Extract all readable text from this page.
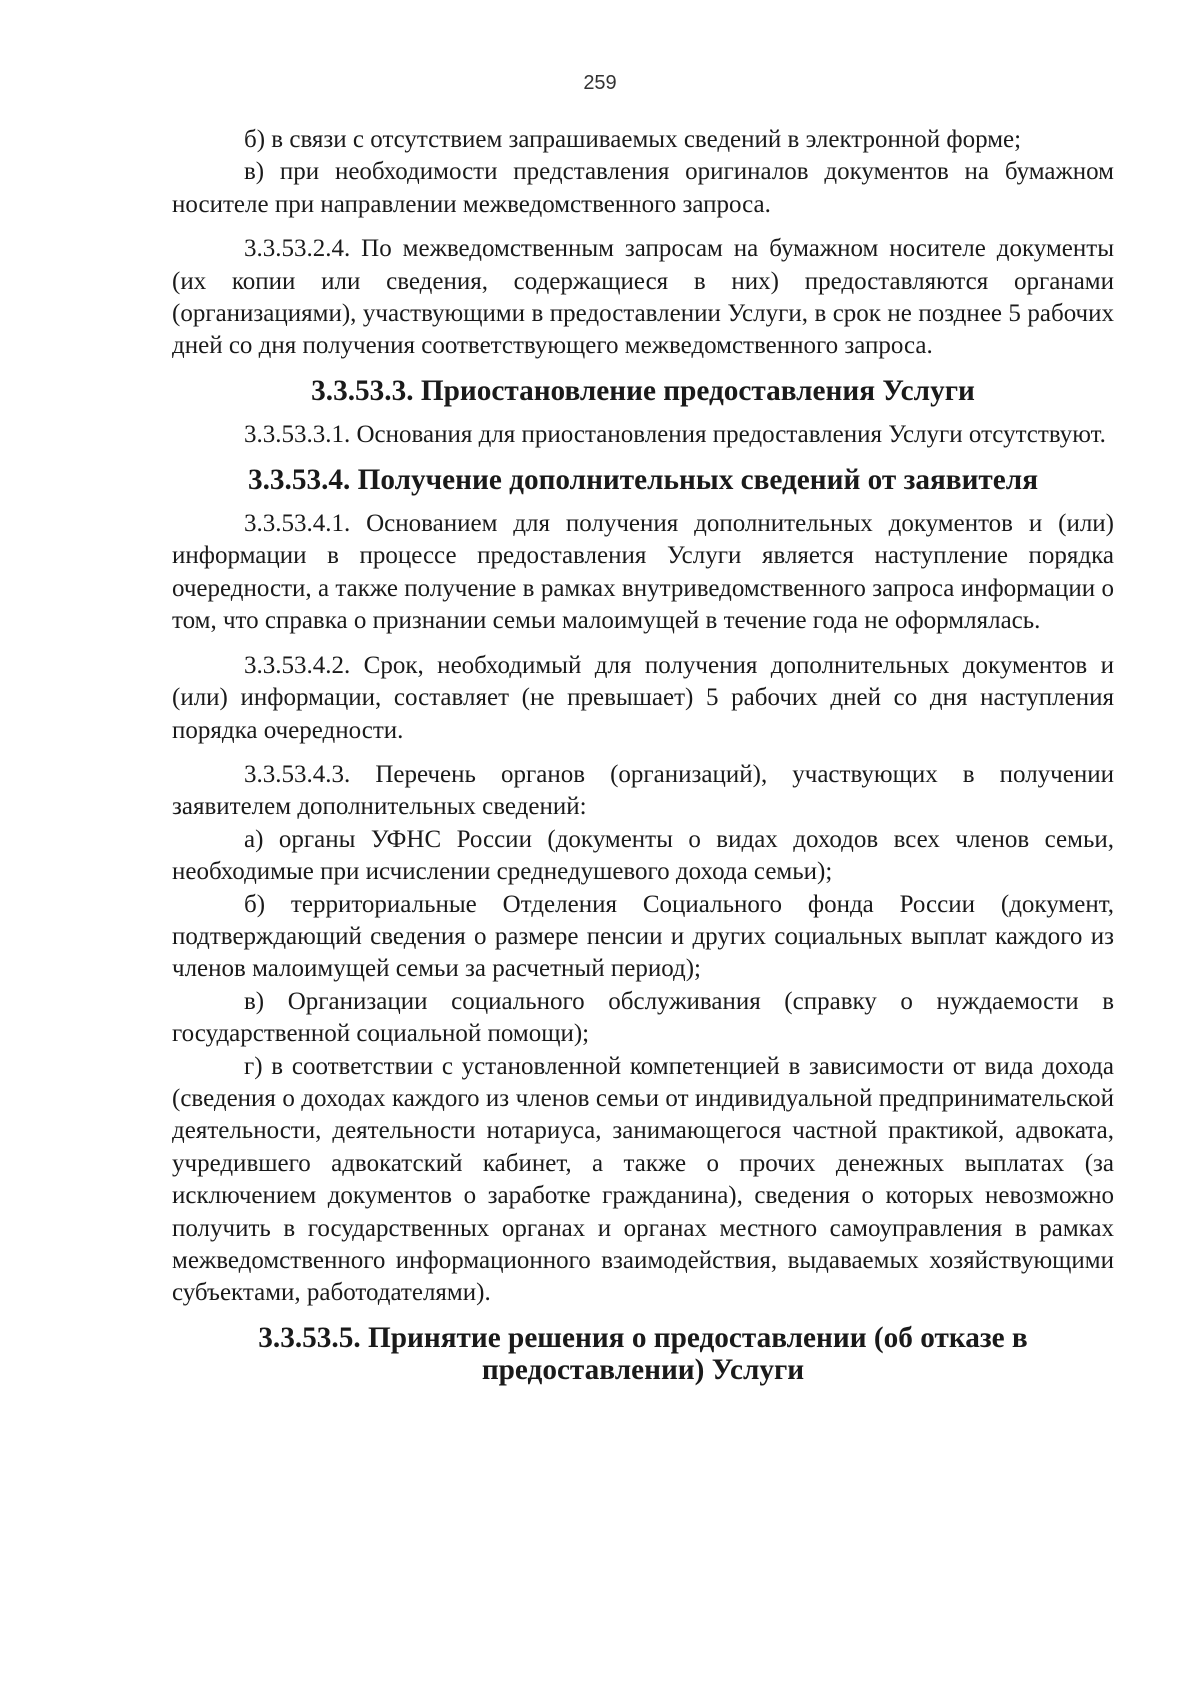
259

б) в связи с отсутствием запрашиваемых сведений в электронной форме;

в) при необходимости представления оригиналов документов на бумажном носителе при направлении межведомственного запроса.

3.3.53.2.4. По межведомственным запросам на бумажном носителе документы (их копии или сведения, содержащиеся в них) предоставляются органами (организациями), участвующими в предоставлении Услуги, в срок не позднее 5 рабочих дней со дня получения соответствующего межведомственного запроса.

3.3.53.3. Приостановление предоставления Услуги

3.3.53.3.1. Основания для приостановления предоставления Услуги отсутствуют.

3.3.53.4. Получение дополнительных сведений от заявителя

3.3.53.4.1. Основанием для получения дополнительных документов и (или) информации в процессе предоставления Услуги является наступление порядка очередности, а также получение в рамках внутриведомственного запроса информации о том, что справка о признании семьи малоимущей в течение года не оформлялась.

3.3.53.4.2. Срок, необходимый для получения дополнительных документов и (или) информации, составляет (не превышает) 5 рабочих дней со дня наступления порядка очередности.

3.3.53.4.3. Перечень органов (организаций), участвующих в получении заявителем дополнительных сведений:

а) органы УФНС России (документы о видах доходов всех членов семьи, необходимые при исчислении среднедушевого дохода семьи);

б) территориальные Отделения Социального фонда России (документ, подтверждающий сведения о размере пенсии и других социальных выплат каждого из членов малоимущей семьи за расчетный период);

в) Организации социального обслуживания (справку о нуждаемости в государственной социальной помощи);

г) в соответствии с установленной компетенцией в зависимости от вида дохода (сведения о доходах каждого из членов семьи от индивидуальной предпринимательской деятельности, деятельности нотариуса, занимающегося частной практикой, адвоката, учредившего адвокатский кабинет, а также о прочих денежных выплатах (за исключением документов о заработке гражданина), сведения о которых невозможно получить в государственных органах и органах местного самоуправления в рамках межведомственного информационного взаимодействия, выдаваемых хозяйствующими субъектами, работодателями).

3.3.53.5. Принятие решения о предоставлении (об отказе в
предоставлении) Услуги
